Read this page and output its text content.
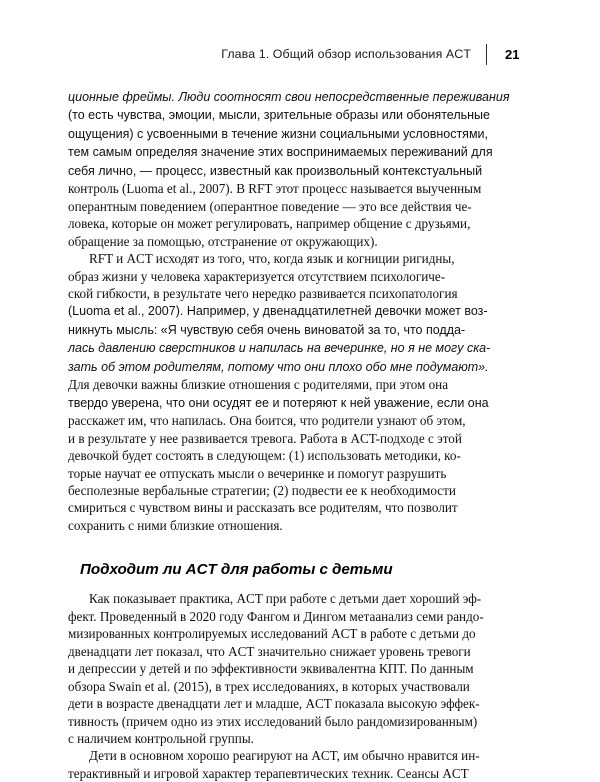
Глава 1. Общий обзор использования ACT	21

ционные фреймы. Люди соотносят свои непосредственные переживания
(то есть чувства, эмоции, мысли, зрительные образы или обонятельные
ощущения) с усвоенными в течение жизни социальными условностями,
тем самым определяя значение этих воспринимаемых переживаний для
себя лично, — процесс, известный как произвольный контекстуальный
контроль (Luoma et al., 2007). В RFT этот процесс называется выученным
оперантным поведением (оперантное поведение — это все действия че-
ловека, которые он может регулировать, например общение с друзьями,
обращение за помощью, отстранение от окружающих).

RFT и ACT исходят из того, что, когда язык и когниции ригидны,
образ жизни у человека характеризуется отсутствием психологиче-
ской гибкости, в результате чего нередко развивается психопатология
(Luoma et al., 2007). Например, у двенадцатилетней девочки может воз-
никнуть мысль: «Я чувствую себя очень виноватой за то, что подда-
лась давлению сверстников и напилась на вечеринке, но я не могу ска-
зать об этом родителям, потому что они плохо обо мне подумают».
Для девочки важны близкие отношения с родителями, при этом она
твердо уверена, что они осудят ее и потеряют к ней уважение, если она
расскажет им, что напилась. Она боится, что родители узнают об этом,
и в результате у нее развивается тревога. Работа в ACT-подходе с этой
девочкой будет состоять в следующем: (1) использовать методики, ко-
торые научат ее отпускать мысли о вечеринке и помогут разрушить
бесполезные вербальные стратегии; (2) подвести ее к необходимости
смириться с чувством вины и рассказать все родителям, что позволит
сохранить с ними близкие отношения.

Подходит ли ACT для работы с детьми

Как показывает практика, ACT при работе с детьми дает хороший эф-
фект. Проведенный в 2020 году Фангом и Дингом метаанализ семи рандо-
мизированных контролируемых исследований ACT в работе с детьми до
двенадцати лет показал, что ACT значительно снижает уровень тревоги
и депрессии у детей и по эффективности эквивалентна КПТ. По данным
обзора Swain et al. (2015), в трех исследованиях, в которых участвовали
дети в возрасте двенадцати лет и младше, ACT показала высокую эффек-
тивность (причем одно из этих исследований было рандомизированным)
с наличием контрольной группы.

Дети в основном хорошо реагируют на ACT, им обычно нравится ин-
терактивный и игровой характер терапевтических техник. Сеансы ACT
